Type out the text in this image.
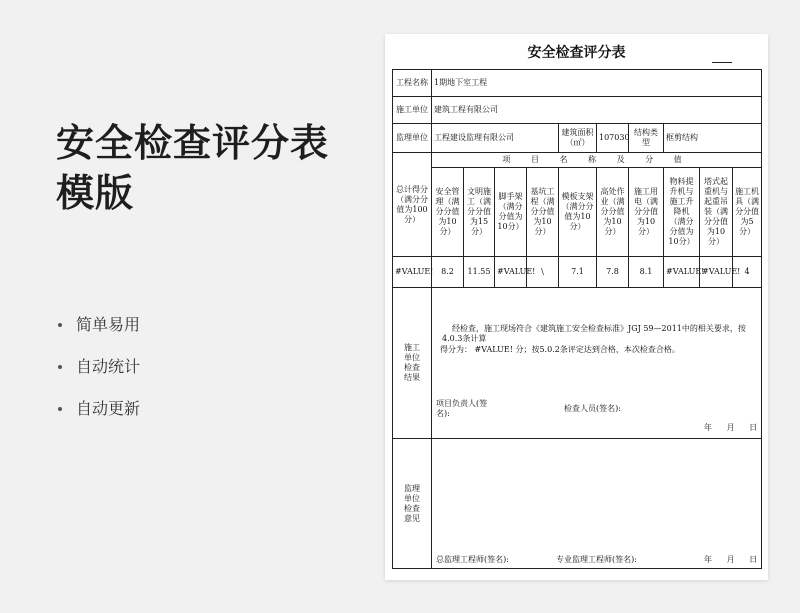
安全检查评分表
模版
简单易用
自动统计
自动更新
安全检查评分表
工程名称	1期地下室工程									
施工单位	建筑工程有限公司									
监理单位	工程建设监理有限公司				建筑面积（㎡）	107030	结构类型	框剪结构		
总计得分（满分分值为100分）	项 目 名 称 及 分 值									
	安全管理（满分分值为10分）	文明施工（满分分值为15分）	脚手架（满分分值为10分）	基坑工程（满分分值为10分）	模板支架（满分分值为10分）	高处作业（满分分值为10分）	施工用电（满分分值为10分）	物料提升机与施工升降机（满分分值为10分）	塔式起重机与起重吊装（满分分值为10分）	施工机具（满分分值为5分）
#VALUE!	8.2	11.55	#VALUE!	\	7.1	7.8	8.1	#VALUE!	#VALUE!	4
施工单位检查结果	经检查，施工现场符合《建筑施工安全检查标准》JGJ 59—2011中的相关要求，按4.0.3条计算
得分为： #VALUE! 分；按5.0.2条评定达到合格，本次检查合格。
项目负责人(签名):
检查人员(签名):
年 月 日									

监理单位检查意见	总监理工程师(签名): 专业监理工程师(签名): 年 月 日									
